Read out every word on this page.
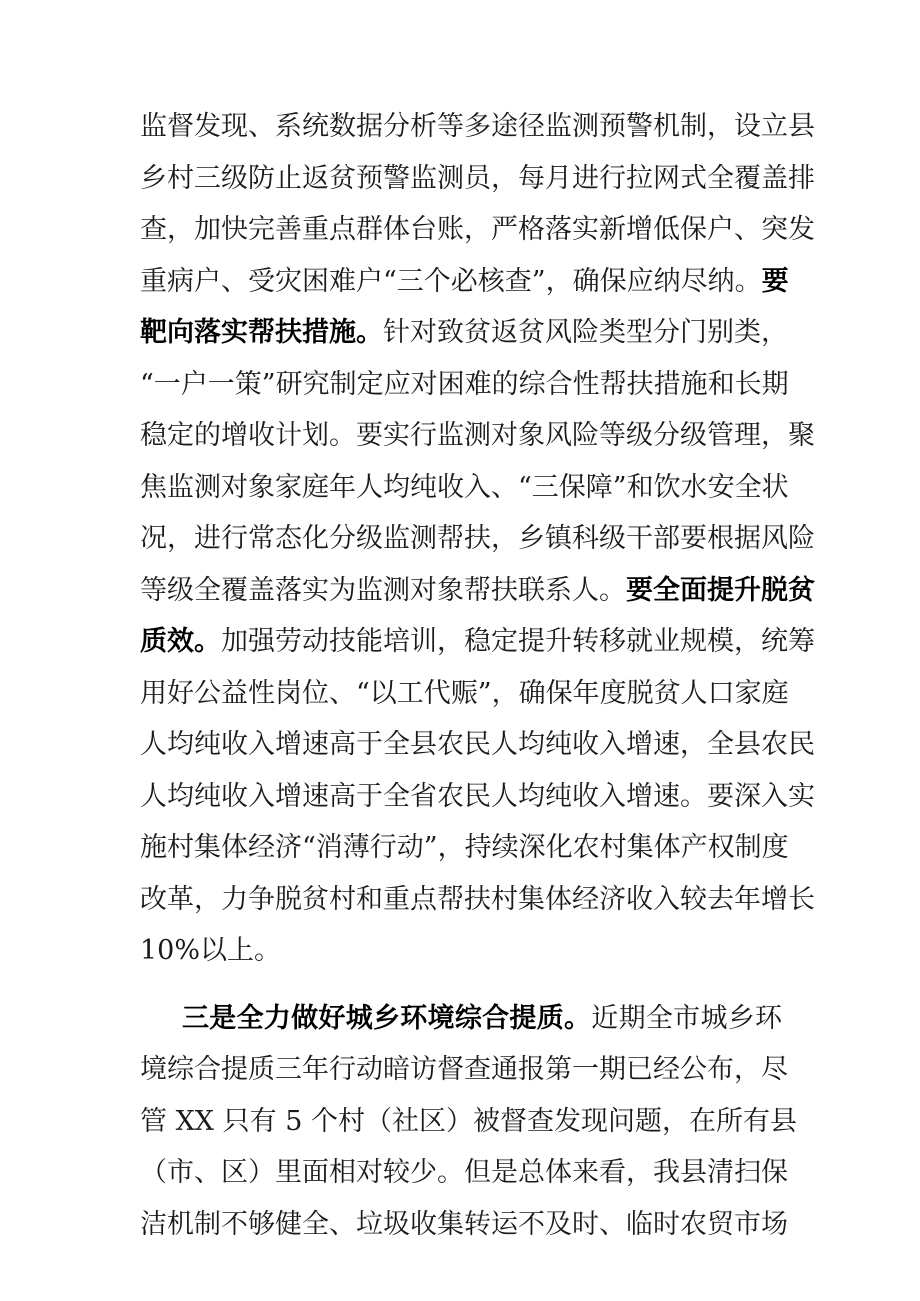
监督发现、系统数据分析等多途径监测预警机制，设立县
乡村三级防止返贫预警监测员，每月进行拉网式全覆盖排
查，加快完善重点群体台账，严格落实新增低保户、突发
重病户、受灾困难户“三个必核查”，确保应纳尽纳。要
靶向落实帮扶措施。针对致贫返贫风险类型分门别类，
“一户一策”研究制定应对困难的综合性帮扶措施和长期
稳定的增收计划。要实行监测对象风险等级分级管理，聚
焦监测对象家庭年人均纯收入、“三保障”和饮水安全状
况，进行常态化分级监测帮扶，乡镇科级干部要根据风险
等级全覆盖落实为监测对象帮扶联系人。要全面提升脱贫
质效。加强劳动技能培训，稳定提升转移就业规模，统筹
用好公益性岗位、“以工代赈”，确保年度脱贫人口家庭
人均纯收入增速高于全县农民人均纯收入增速，全县农民
人均纯收入增速高于全省农民人均纯收入增速。要深入实
施村集体经济“消薄行动”，持续深化农村集体产权制度
改革，力争脱贫村和重点帮扶村集体经济收入较去年增长
10%以上。
三是全力做好城乡环境综合提质。近期全市城乡环
境综合提质三年行动暗访督查通报第一期已经公布，尽
管 XX 只有 5 个村（社区）被督查发现问题，在所有县
（市、区）里面相对较少。但是总体来看，我县清扫保
洁机制不够健全、垃圾收集转运不及时、临时农贸市场
